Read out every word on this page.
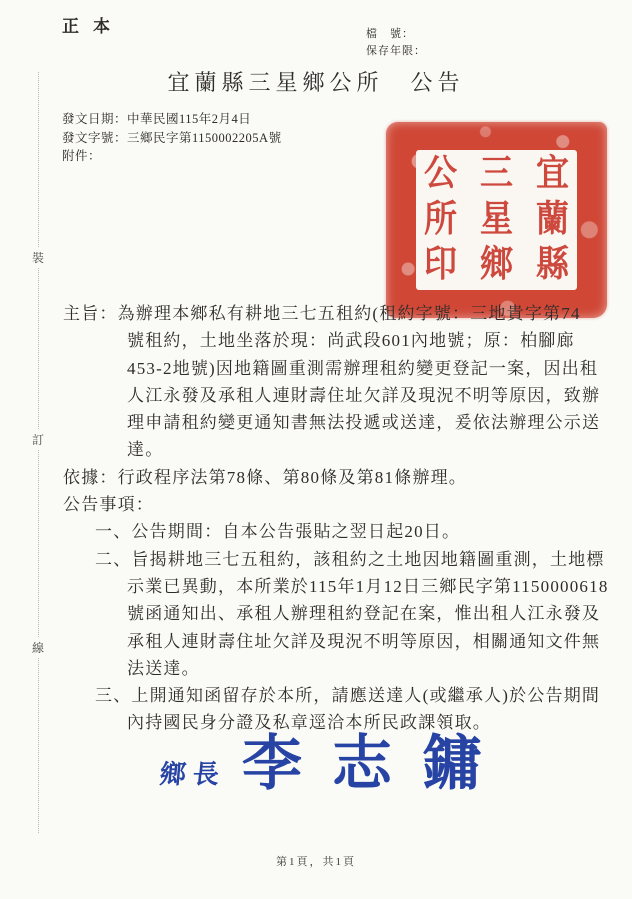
正本	檔　號：
保存年限：
宜蘭縣三星鄉公所　公告
發文日期：中華民國115年2月4日
發文字號：三鄉民字第1150002205A號
附件：
裝
訂
線
宜
蘭
縣
三
星
鄉
公
所
印
主旨：為辦理本鄉私有耕地三七五租約(租約字號：三地貴字第74
號租約，土地坐落於現：尚武段601內地號；原：柏腳廊
453-2地號)因地籍圖重測需辦理租約變更登記一案，因出租
人江永發及承租人連財壽住址欠詳及現況不明等原因，致辦
理申請租約變更通知書無法投遞或送達，爰依法辦理公示送
達。
依據：行政程序法第78條、第80條及第81條辦理。
公告事項：
一、公告期間：自本公告張貼之翌日起20日。
二、旨揭耕地三七五租約，該租約之土地因地籍圖重測，土地標
示業已異動，本所業於115年1月12日三鄉民字第1150000618
號函通知出、承租人辦理租約登記在案，惟出租人江永發及
承租人連財壽住址欠詳及現況不明等原因，相關通知文件無
法送達。
三、上開通知函留存於本所，請應送達人(或繼承人)於公告期間
內持國民身分證及私章逕洽本所民政課領取。
鄉長 李志鏞
第1頁，共1頁
